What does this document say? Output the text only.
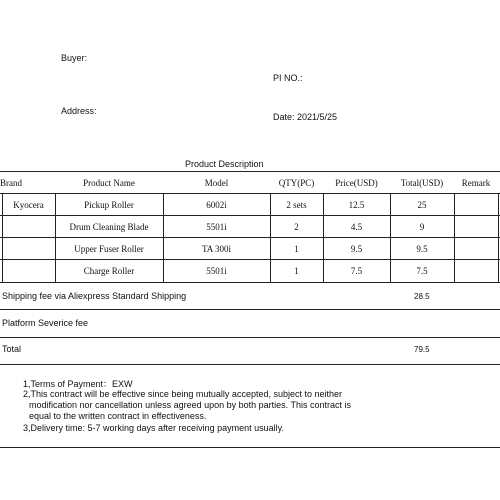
Buyer:
PI NO.:
Address:
Date: 2021/5/25
Product Description
Brand	Product Name	Model	QTY(PC)	Price(USD)	Total(USD)	Remark
Kyocera	Pickup Roller	6002i	2 sets	12.5	25
Drum Cleaning Blade	5501i	2	4.5	9
Upper Fuser Roller	TA 300i	1	9.5	9.5
Charge Roller	5501i	1	7.5	7.5
Shipping fee via Aliexpress Standard Shipping	28.5
Platform Severice fee
Total	79.5
1,Terms of Payment：EXW
2,This contract will be effective since being mutually accepted, subject to neither
modification nor cancellation unless agreed upon by both parties. This contract is
equal to the written contract in effectiveness.
3,Delivery time: 5-7 working days after receiving payment usually.
